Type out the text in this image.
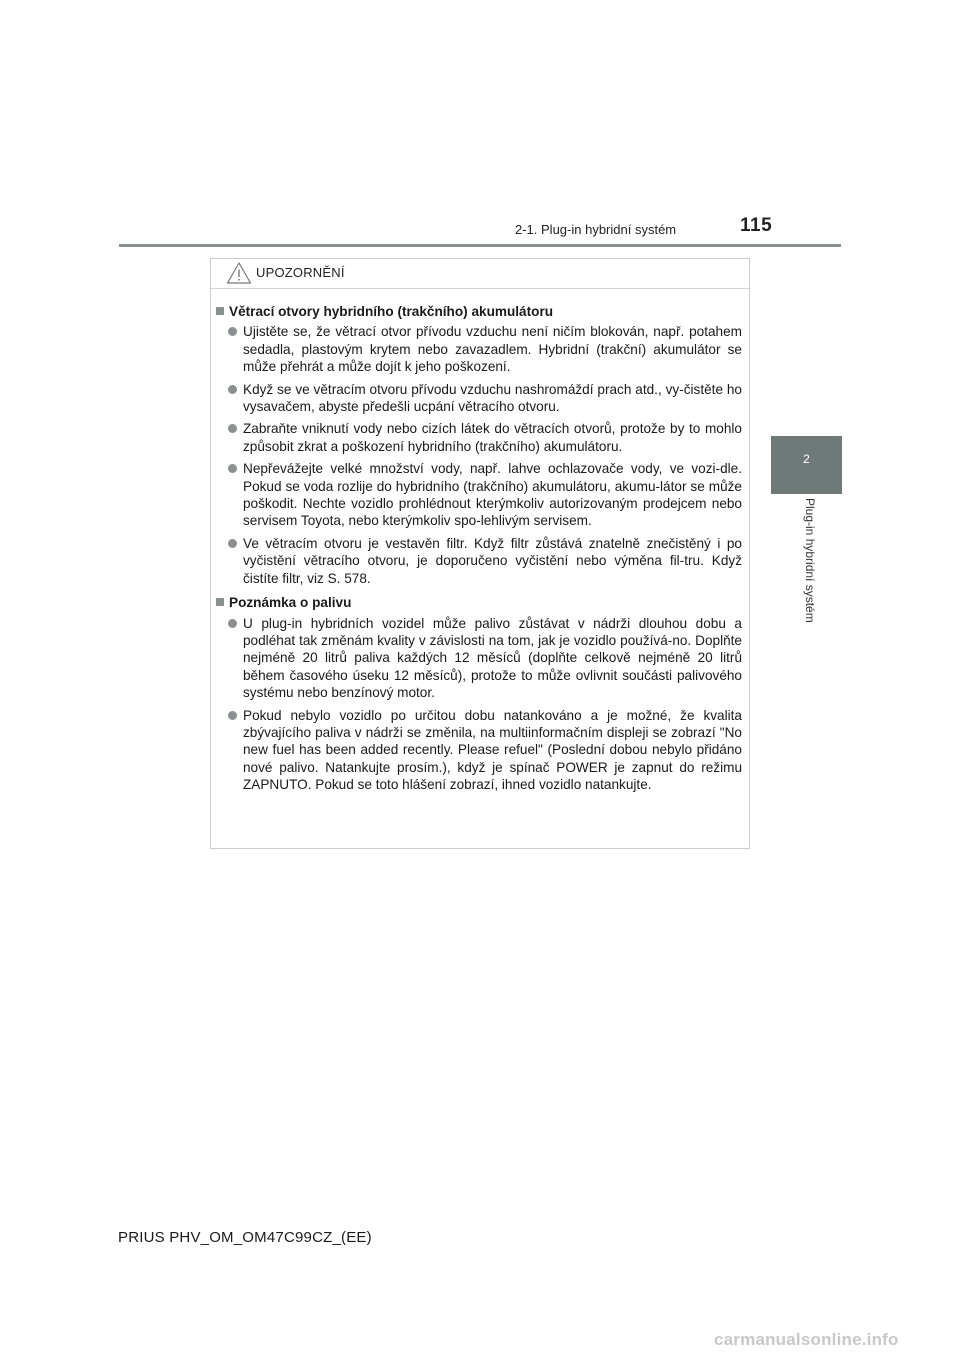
2-1. Plug-in hybridní systém	115
2
Plug-in hybridní systém
UPOZORNĚNÍ
Větrací otvory hybridního (trakčního) akumulátoru
Ujistěte se, že větrací otvor přívodu vzduchu není ničím blokován, např. potahem sedadla, plastovým krytem nebo zavazadlem. Hybridní (trakční) akumulátor se může přehrát a může dojít k jeho poškození.
Když se ve větracím otvoru přívodu vzduchu nashromáždí prach atd., vy-čistěte ho vysavačem, abyste předešli ucpání větracího otvoru.
Zabraňte vniknutí vody nebo cizích látek do větracích otvorů, protože by to mohlo způsobit zkrat a poškození hybridního (trakčního) akumulátoru.
Nepřevážejte velké množství vody, např. lahve ochlazovače vody, ve vozi-dle. Pokud se voda rozlije do hybridního (trakčního) akumulátoru, akumu-látor se může poškodit. Nechte vozidlo prohlédnout kterýmkoliv autorizovaným prodejcem nebo servisem Toyota, nebo kterýmkoliv spo-lehlivým servisem.
Ve větracím otvoru je vestavěn filtr. Když filtr zůstává znatelně znečistěný i po vyčistění větracího otvoru, je doporučeno vyčistění nebo výměna fil-tru. Když čistíte filtr, viz S. 578.
Poznámka o palivu
U plug-in hybridních vozidel může palivo zůstávat v nádrži dlouhou dobu a podléhat tak změnám kvality v závislosti na tom, jak je vozidlo používá-no. Doplňte nejméně 20 litrů paliva každých 12 měsíců (doplňte celkově nejméně 20 litrů během časového úseku 12 měsíců), protože to může ovlivnit součásti palivového systému nebo benzínový motor.
Pokud nebylo vozidlo po určitou dobu natankováno a je možné, že kvalita zbývajícího paliva v nádrži se změnila, na multiinformačním displeji se zobrazí "No new fuel has been added recently. Please refuel" (Poslední dobou nebylo přidáno nové palivo. Natankujte prosím.), když je spínač POWER je zapnut do režimu ZAPNUTO. Pokud se toto hlášení zobrazí, ihned vozidlo natankujte.
PRIUS PHV_OM_OM47C99CZ_(EE)
carmanualsonline.info
